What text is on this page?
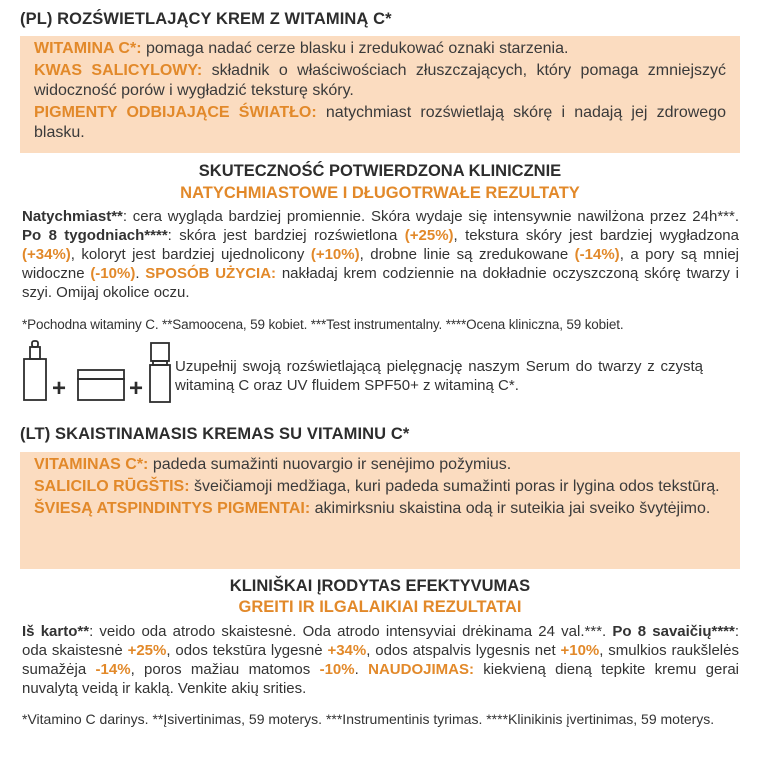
(PL) ROZŚWIETLAJĄCY KREM Z WITAMINĄ C*

WITAMINA C*: pomaga nadać cerze blasku i zredukować oznaki starzenia.

KWAS SALICYLOWY: składnik o właściwościach złuszczających, który pomaga zmniejszyć widoczność porów i wygładzić teksturę skóry.

PIGMENTY ODBIJAJĄCE ŚWIATŁO: natychmiast rozświetlają skórę i nadają jej zdrowego blasku.

SKUTECZNOŚĆ POTWIERDZONA KLINICZNIE
NATYCHMIASTOWE I DŁUGOTRWAŁE REZULTATY
Natychmiast**: cera wygląda bardziej promiennie. Skóra wydaje się intensywnie nawilżona przez 24h***. Po 8 tygodniach****: skóra jest bardziej rozświetlona (+25%), tekstura skóry jest bardziej wygładzona (+34%), koloryt jest bardziej ujednolicony (+10%), drobne linie są zredukowane (-14%), a pory są mniej widoczne (-10%). SPOSÓB UŻYCIA: nakładaj krem codziennie na dokładnie oczyszczoną skórę twarzy i szyi. Omijaj okolice oczu.
*Pochodna witaminy C. **Samoocena, 59 kobiet. ***Test instrumentalny. ****Ocena kliniczna, 59 kobiet.
+	+
Uzupełnij swoją rozświetlającą pielęgnację naszym Serum do twarzy z czystą witaminą C oraz UV fluidem SPF50+ z witaminą C*.
(LT) SKAISTINAMASIS KREMAS SU VITAMINU C*

VITAMINAS C*: padeda sumažinti nuovargio ir senėjimo požymius.

SALICILO RŪGŠTIS: šveičiamoji medžiaga, kuri padeda sumažinti poras ir lygina odos tekstūrą.

ŠVIESĄ ATSPINDINTYS PIGMENTAI: akimirksniu skaistina odą ir suteikia jai sveiko švytėjimo.

KLINIŠKAI ĮRODYTAS EFEKTYVUMAS
GREITI IR ILGALAIKIAI REZULTATAI
Iš karto**: veido oda atrodo skaistesnė. Oda atrodo intensyviai drėkinama 24 val.***. Po 8 savaičių****: oda skaistesnė +25%, odos tekstūra lygesnė +34%, odos atspalvis lygesnis net +10%, smulkios raukšlelės sumažėja -14%, poros mažiau matomos -10%. NAUDOJIMAS: kiekvieną dieną tepkite kremu gerai nuvalytą veidą ir kaklą. Venkite akių srities.
*Vitamino C darinys. **Įsivertinimas, 59 moterys. ***Instrumentinis tyrimas. ****Klinikinis įvertinimas, 59 moterys.
